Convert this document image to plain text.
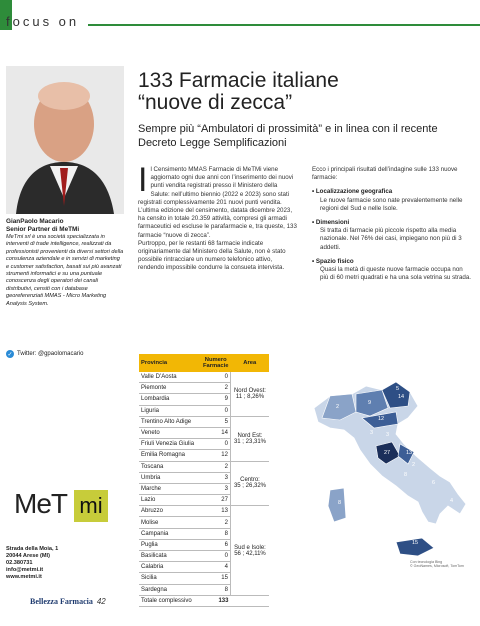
focus on
GianPaolo Macario
Senior Partner di MeTMi
MeTmi srl è una società specializzata in interventi di trade intelligence, realizzati da professionisti provenienti da diversi settori della consulenza aziendale e in servizi di marketing e customer satisfaction, basati sui più avanzati strumenti informatici e su una puntuale conoscenza degli operatori dei canali distributivi, censiti con i database georeferenziati MMAS - Micro Marketing Analysis System.
✓ Twitter: @gpaolomacario
MeT mi
Strada della Moia, 1
20044 Arese (MI)
02.380731
info@metmi.it
www.metmi.it
133 Farmacie italiane
“nuove di zecca”
Sempre più “Ambulatori di prossimità” e in linea con il recente Decreto Legge Semplificazioni
I l Censimento MMAS Farmacie di MeTMi viene aggiornato ogni due anni con l’inserimento dei nuovi punti vendita registrati presso il Ministero della Salute: nell’ultimo biennio (2022 e 2023) sono stati registrati complessivamente 201 nuovi punti vendita.
L’ultima edizione del censimento, datata dicembre 2023, ha censito in totale 20.359 attività, compresi gli armadi farmaceutici ed escluse le parafarmacie e, tra queste, 133 farmacie “nuove di zecca”.
Purtroppo, per le restanti 68 farmacie indicate originariamente dal Ministero della Salute, non è stato possibile rintracciare un numero telefonico attivo, rendendo impossibile condurre la consueta intervista.
Ecco i principali risultati dell’indagine sulle 133 nuove farmacie:
• Localizzazione geografica
Le nuove farmacie sono nate prevalentemente nelle regioni del Sud e nelle Isole.
• Dimensioni
Si tratta di farmacie più piccole rispetto alla media nazionale. Nel 76% dei casi, impiegano non più di 3 addetti.
• Spazio fisico
Quasi la metà di queste nuove farmacie occupa non più di 60 metri quadrati e ha una sola vetrina su strada.
Provincia	Numero Farmacie	Area
Valle D’Aosta	0	Nord Ovest:
11 ; 8,26%

Piemonte	2	
Lombardia	9	
Liguria	0	
Trentino Alto Adige	5	Nord Est:
31 ; 23,31%

Veneto	14	
Friuli Venezia Giulia	0	
Emilia Romagna	12	
Toscana	2	Centro:
35 ; 26,32%

Umbria	3	
Marche	3	
Lazio	27	
Abruzzo	13	Sud e Isole:
56 ; 42,11%

Molise	2	
Campania	8	
Puglia	6	
Basilicata	0	
Calabria	4	
Sicilia	15	
Sardegna	8	
Totale complessivo	133	
2
9
5
14
12
3 3
27	13
2
8
6
4
15
8
Con tecnologia Bing
© GeoNames, Microsoft, TomTom
Bellezza Farmacia 42
